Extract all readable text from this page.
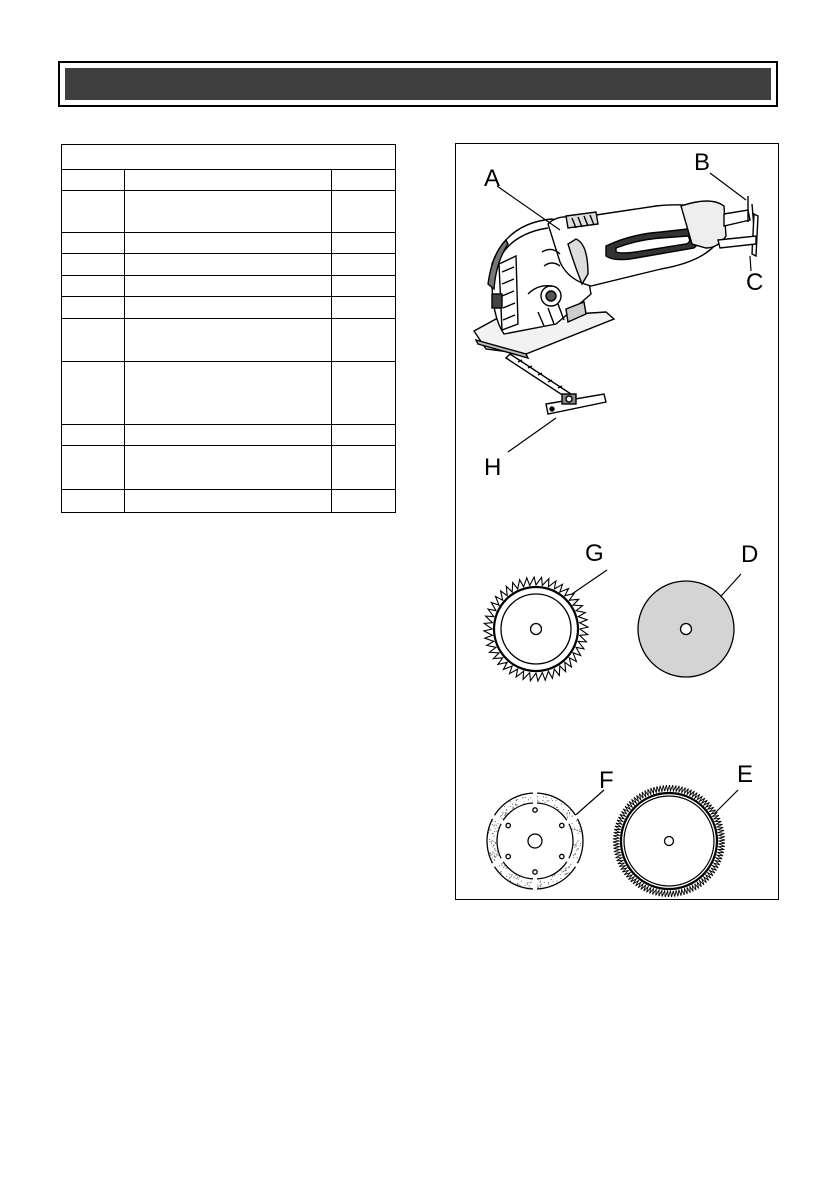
A
B
C
H
G	D
F	E
